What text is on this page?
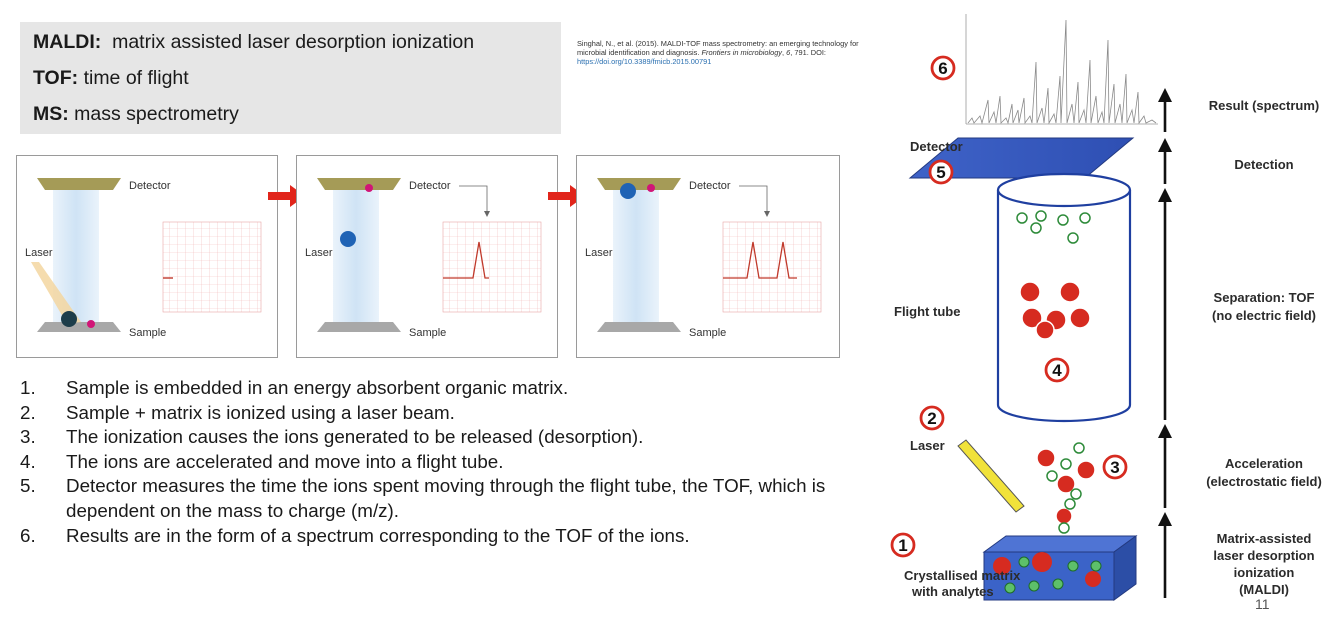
MALDI: matrix assisted laser desorption ionization
TOF: time of flight
MS: mass spectrometry
Singhal, N., et al. (2015). MALDI-TOF mass spectrometry: an emerging technology for microbial identification and diagnosis. Frontiers in microbiology, 6, 791. DOI:
https://doi.org/10.3389/fmicb.2015.00791
Detector
Laser
Sample
Detector
Laser
Sample
Detector
Laser
Sample
1. Sample is embedded in an energy absorbent organic matrix.
2. Sample + matrix is ionized using a laser beam.
3. The ionization causes the ions generated to be released (desorption).
4. The ions are accelerated and move into a flight tube.
5. Detector measures the time the ions spent moving through the flight tube, the TOF, which is dependent on the mass to charge (m/z).
6. Results are in the form of a spectrum corresponding to the TOF of the ions.
Detector
Flight tube
Laser
Crystallised matrix
with analytes
1
2
3
4
5
6
Result (spectrum)
Detection
Separation: TOF
(no electric field)
Acceleration
(electrostatic field)
Matrix-assisted
laser desorption
ionization
(MALDI)
11
